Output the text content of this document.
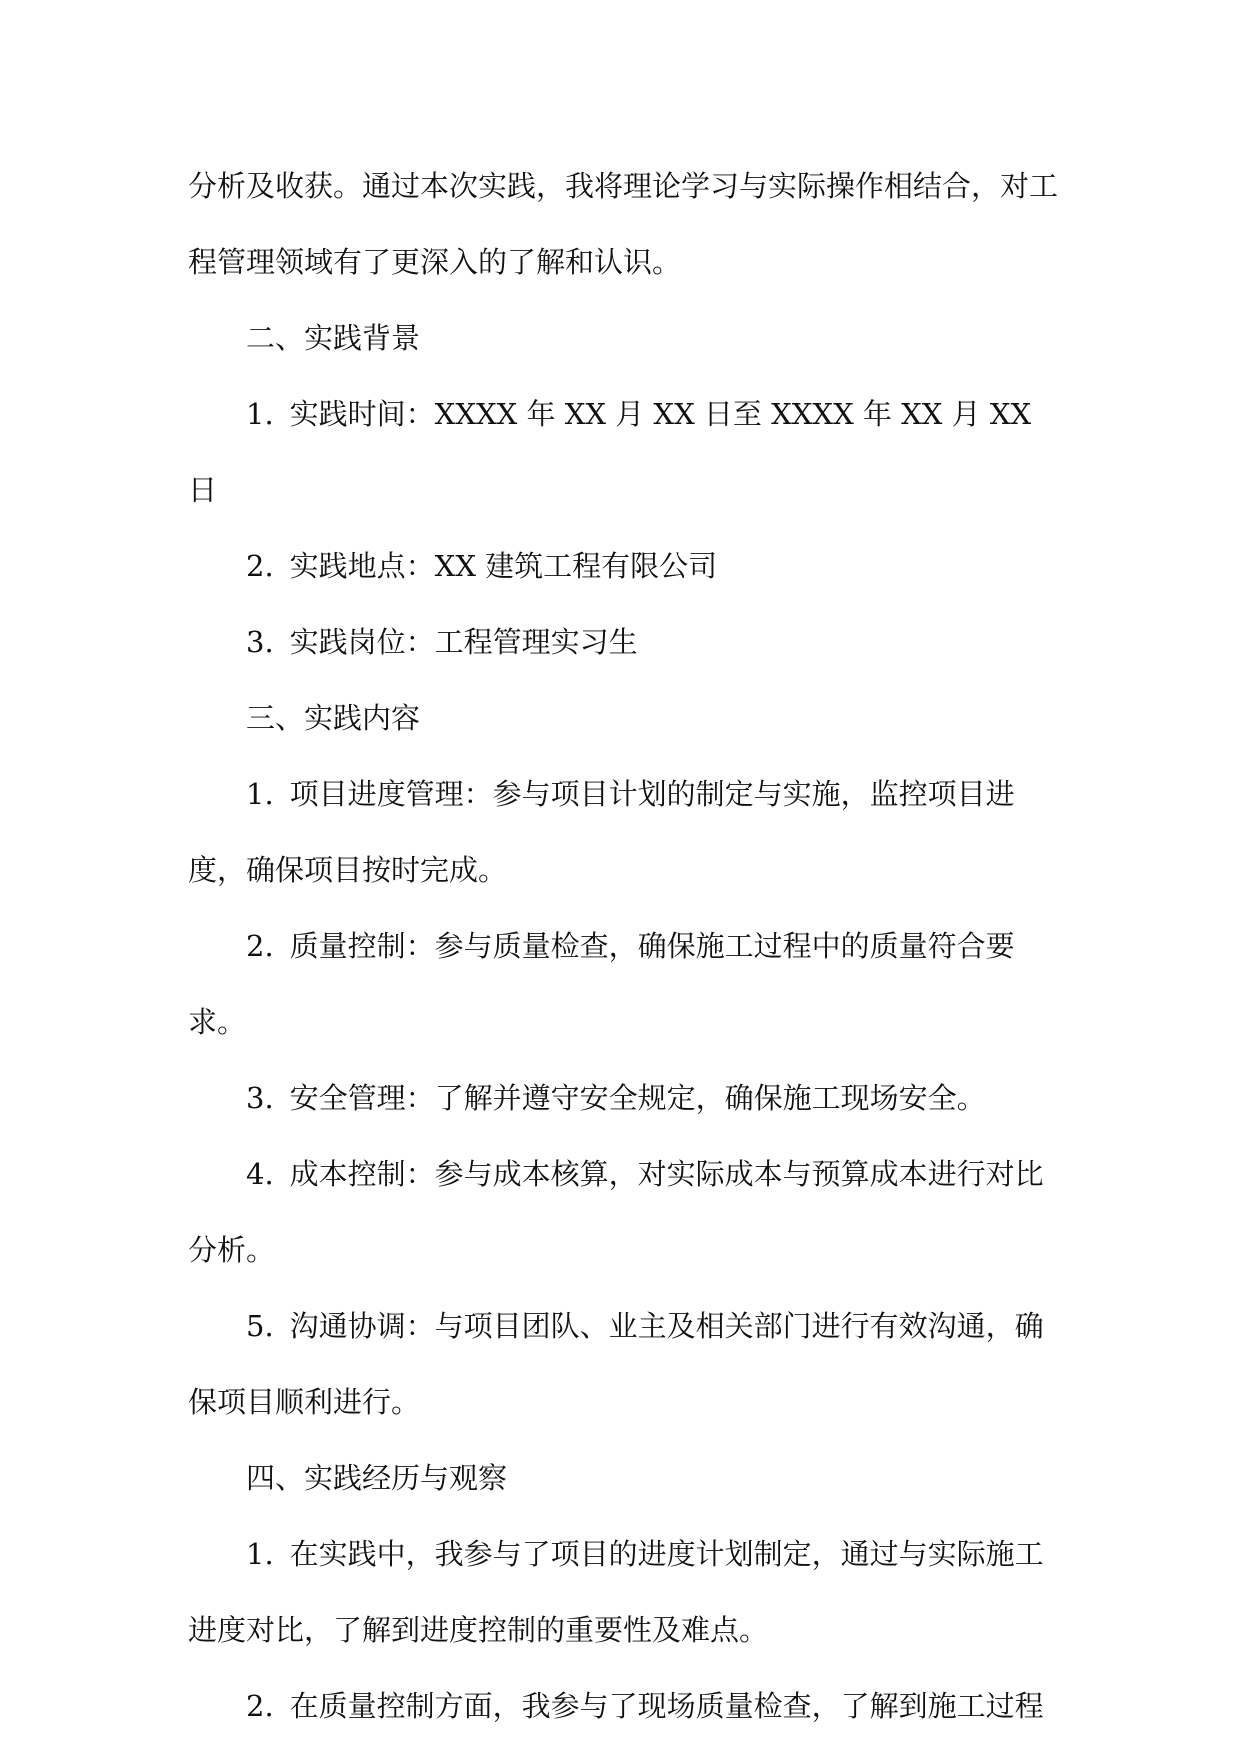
分析及收获。通过本次实践，我将理论学习与实际操作相结合，对工程管理领域有了更深入的了解和认识。

二、实践背景

1. 实践时间：XXXX 年 XX 月 XX 日至 XXXX 年 XX 月 XX 日

2. 实践地点：XX 建筑工程有限公司

3. 实践岗位：工程管理实习生

三、实践内容

1. 项目进度管理：参与项目计划的制定与实施，监控项目进度，确保项目按时完成。

2. 质量控制：参与质量检查，确保施工过程中的质量符合要求。

3. 安全管理：了解并遵守安全规定，确保施工现场安全。

4. 成本控制：参与成本核算，对实际成本与预算成本进行对比分析。

5. 沟通协调：与项目团队、业主及相关部门进行有效沟通，确保项目顺利进行。

四、实践经历与观察

1. 在实践中，我参与了项目的进度计划制定，通过与实际施工进度对比，了解到进度控制的重要性及难点。

2. 在质量控制方面，我参与了现场质量检查，了解到施工过程
